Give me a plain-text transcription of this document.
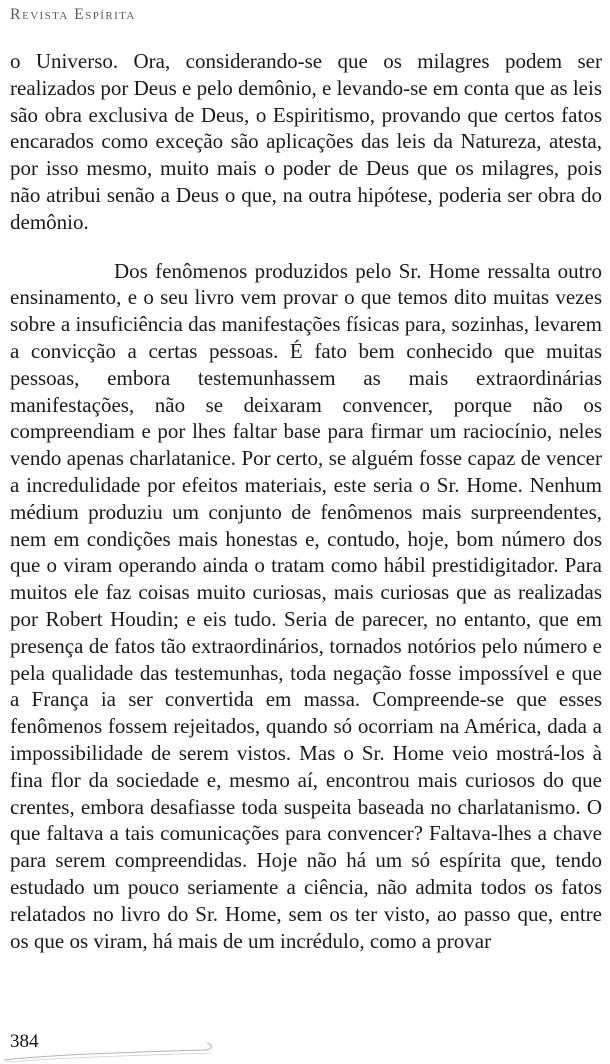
Revista Espírita

o Universo. Ora, considerando-se que os milagres podem ser realizados por Deus e pelo demônio, e levando-se em conta que as leis são obra exclusiva de Deus, o Espiritismo, provando que certos fatos encarados como exceção são aplicações das leis da Natureza, atesta, por isso mesmo, muito mais o poder de Deus que os milagres, pois não atribui senão a Deus o que, na outra hipótese, poderia ser obra do demônio.

Dos fenômenos produzidos pelo Sr. Home ressalta outro ensinamento, e o seu livro vem provar o que temos dito muitas vezes sobre a insuficiência das manifestações físicas para, sozinhas, levarem a convicção a certas pessoas. É fato bem conhecido que muitas pessoas, embora testemunhassem as mais extraordinárias manifestações, não se deixaram convencer, porque não os compreendiam e por lhes faltar base para firmar um raciocínio, neles vendo apenas charlatanice. Por certo, se alguém fosse capaz de vencer a incredulidade por efeitos materiais, este seria o Sr. Home. Nenhum médium produziu um conjunto de fenômenos mais surpreendentes, nem em condições mais honestas e, contudo, hoje, bom número dos que o viram operando ainda o tratam como hábil prestidigitador. Para muitos ele faz coisas muito curiosas, mais curiosas que as realizadas por Robert Houdin; e eis tudo. Seria de parecer, no entanto, que em presença de fatos tão extraordinários, tornados notórios pelo número e pela qualidade das testemunhas, toda negação fosse impossível e que a França ia ser convertida em massa. Compreende-se que esses fenômenos fossem rejeitados, quando só ocorriam na América, dada a impossibilidade de serem vistos. Mas o Sr. Home veio mostrá-los à fina flor da sociedade e, mesmo aí, encontrou mais curiosos do que crentes, embora desafiasse toda suspeita baseada no charlatanismo. O que faltava a tais comunicações para convencer? Faltava-lhes a chave para serem compreendidas. Hoje não há um só espírita que, tendo estudado um pouco seriamente a ciência, não admita todos os fatos relatados no livro do Sr. Home, sem os ter visto, ao passo que, entre os que os viram, há mais de um incrédulo, como a provar

384
